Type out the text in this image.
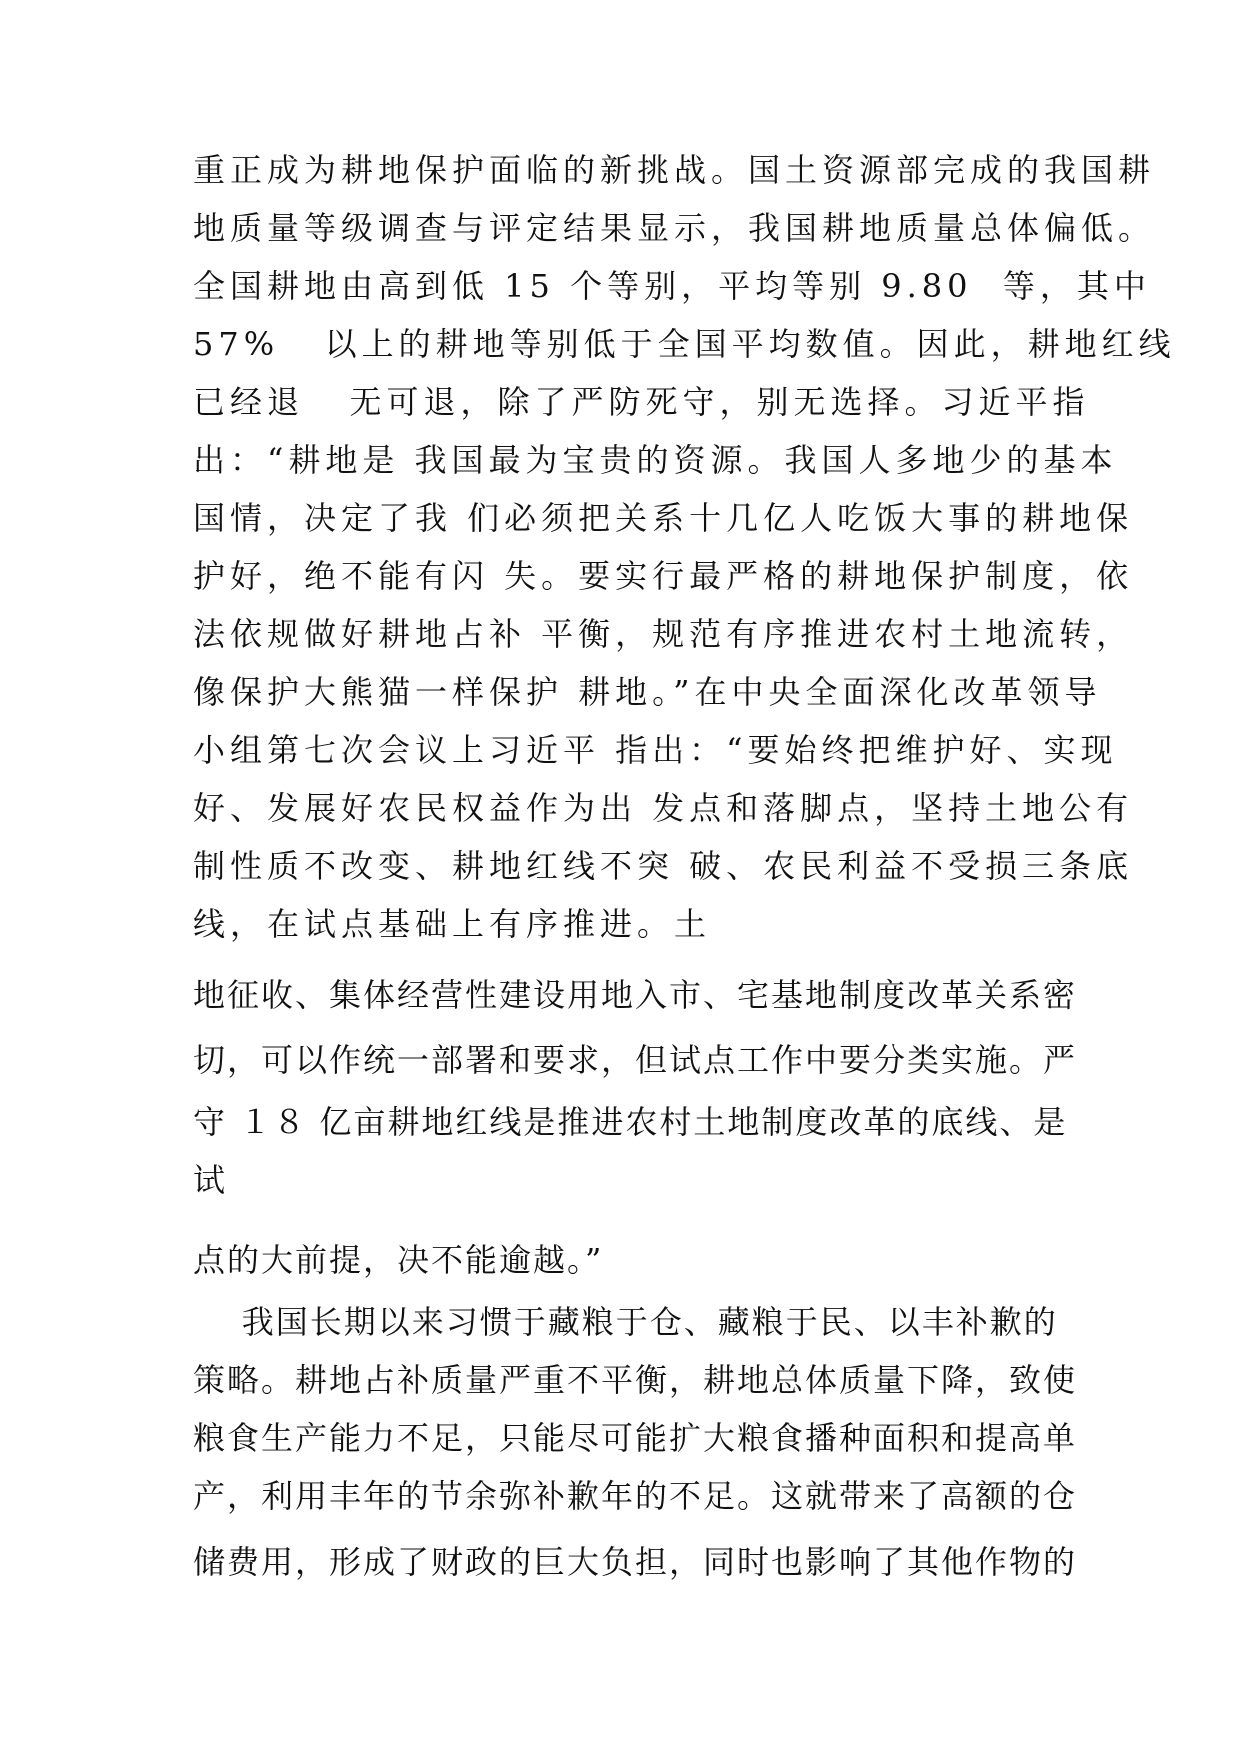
重正成为耕地保护面临的新挑战。国土资源部完成的我国耕
地质量等级调查与评定结果显示，我国耕地质量总体偏低。
全国耕地由高到低 15 个等别，平均等别 9.80  等，其中
57%   以上的耕地等别低于全国平均数值。因此，耕地红线
已经退   无可退，除了严防死守，别无选择。习近平指
出：“耕地是 我国最为宝贵的资源。我国人多地少的基本
国情，决定了我 们必须把关系十几亿人吃饭大事的耕地保
护好，绝不能有闪 失。要实行最严格的耕地保护制度，依
法依规做好耕地占补 平衡，规范有序推进农村土地流转，
像保护大熊猫一样保护 耕地。”在中央全面深化改革领导
小组第七次会议上习近平 指出：“要始终把维护好、实现
好、发展好农民权益作为出 发点和落脚点，坚持土地公有
制性质不改变、耕地红线不突 破、农民利益不受损三条底
线，在试点基础上有序推进。土
地征收、集体经营性建设用地入市、宅基地制度改革关系密
切，可以作统一部署和要求，但试点工作中要分类实施。严
守 １８ 亿亩耕地红线是推进农村土地制度改革的底线、是
试
点的大前提，决不能逾越。”
我国长期以来习惯于藏粮于仓、藏粮于民、以丰补歉的
策略。耕地占补质量严重不平衡，耕地总体质量下降，致使
粮食生产能力不足，只能尽可能扩大粮食播种面积和提高单
产，利用丰年的节余弥补歉年的不足。这就带来了高额的仓
储费用，形成了财政的巨大负担，同时也影响了其他作物的
